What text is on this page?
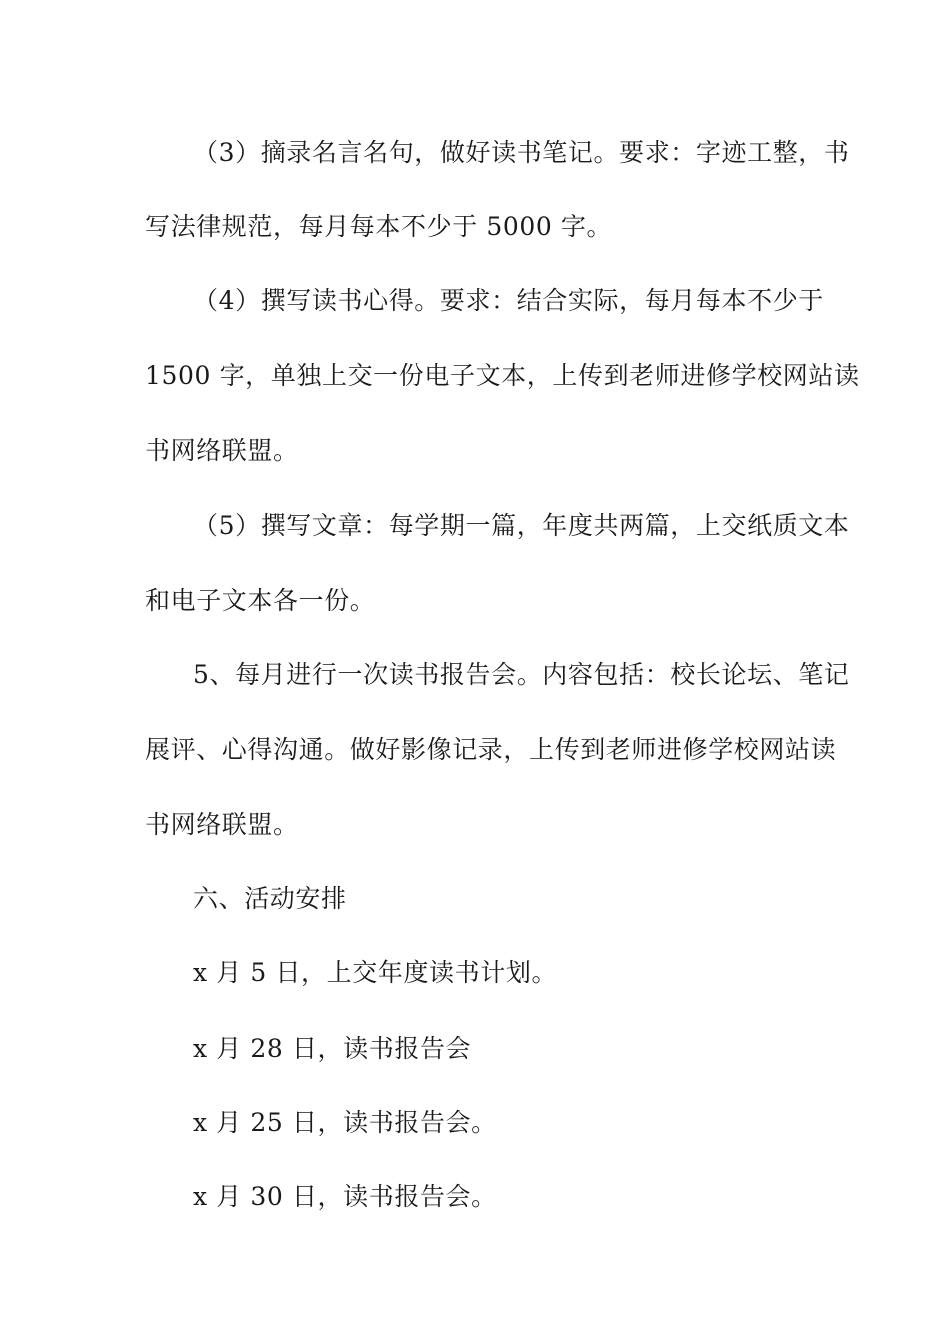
（3）摘录名言名句，做好读书笔记。要求：字迹工整，书
写法律规范，每月每本不少于 5000 字。
（4）撰写读书心得。要求：结合实际，每月每本不少于
1500 字，单独上交一份电子文本，上传到老师进修学校网站读
书网络联盟。
（5）撰写文章：每学期一篇，年度共两篇，上交纸质文本
和电子文本各一份。
5、每月进行一次读书报告会。内容包括：校长论坛、笔记
展评、心得沟通。做好影像记录，上传到老师进修学校网站读
书网络联盟。
六、活动安排
x 月 5 日，上交年度读书计划。
x 月 28 日，读书报告会
x 月 25 日，读书报告会。
x 月 30 日，读书报告会。
